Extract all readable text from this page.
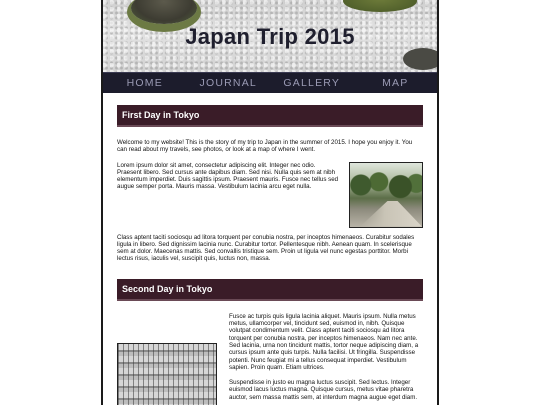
Japan Trip 2015
HOME	JOURNAL	GALLERY	MAP
First Day in Tokyo

Welcome to my website! This is the story of my trip to Japan in the summer of 2015. I hope you enjoy it. You can read about my travels, see photos, or look at a map of where I went.

Lorem ipsum dolor sit amet, consectetur adipiscing elit. Integer nec odio. Praesent libero. Sed cursus ante dapibus diam. Sed nisi. Nulla quis sem at nibh elementum imperdiet. Duis sagittis ipsum. Praesent mauris. Fusce nec tellus sed augue semper porta. Mauris massa. Vestibulum lacinia arcu eget nulla.

Class aptent taciti sociosqu ad litora torquent per conubia nostra, per inceptos himenaeos. Curabitur sodales ligula in libero. Sed dignissim lacinia nunc. Curabitur tortor. Pellentesque nibh. Aenean quam. In scelerisque sem at dolor. Maecenas mattis. Sed convallis tristique sem. Proin ut ligula vel nunc egestas porttitor. Morbi lectus risus, iaculis vel, suscipit quis, luctus non, massa.

Second Day in Tokyo

Fusce ac turpis quis ligula lacinia aliquet. Mauris ipsum. Nulla metus metus, ullamcorper vel, tincidunt sed, euismod in, nibh. Quisque volutpat condimentum velit. Class aptent taciti sociosqu ad litora torquent per conubia nostra, per inceptos himenaeos. Nam nec ante. Sed lacinia, urna non tincidunt mattis, tortor neque adipiscing diam, a cursus ipsum ante quis turpis. Nulla facilisi. Ut fringilla. Suspendisse potenti. Nunc feugiat mi a tellus consequat imperdiet. Vestibulum sapien. Proin quam. Etiam ultrices.

Suspendisse in justo eu magna luctus suscipit. Sed lectus. Integer euismod lacus luctus magna. Quisque cursus, metus vitae pharetra auctor, sem massa mattis sem, at interdum magna augue eget diam.
